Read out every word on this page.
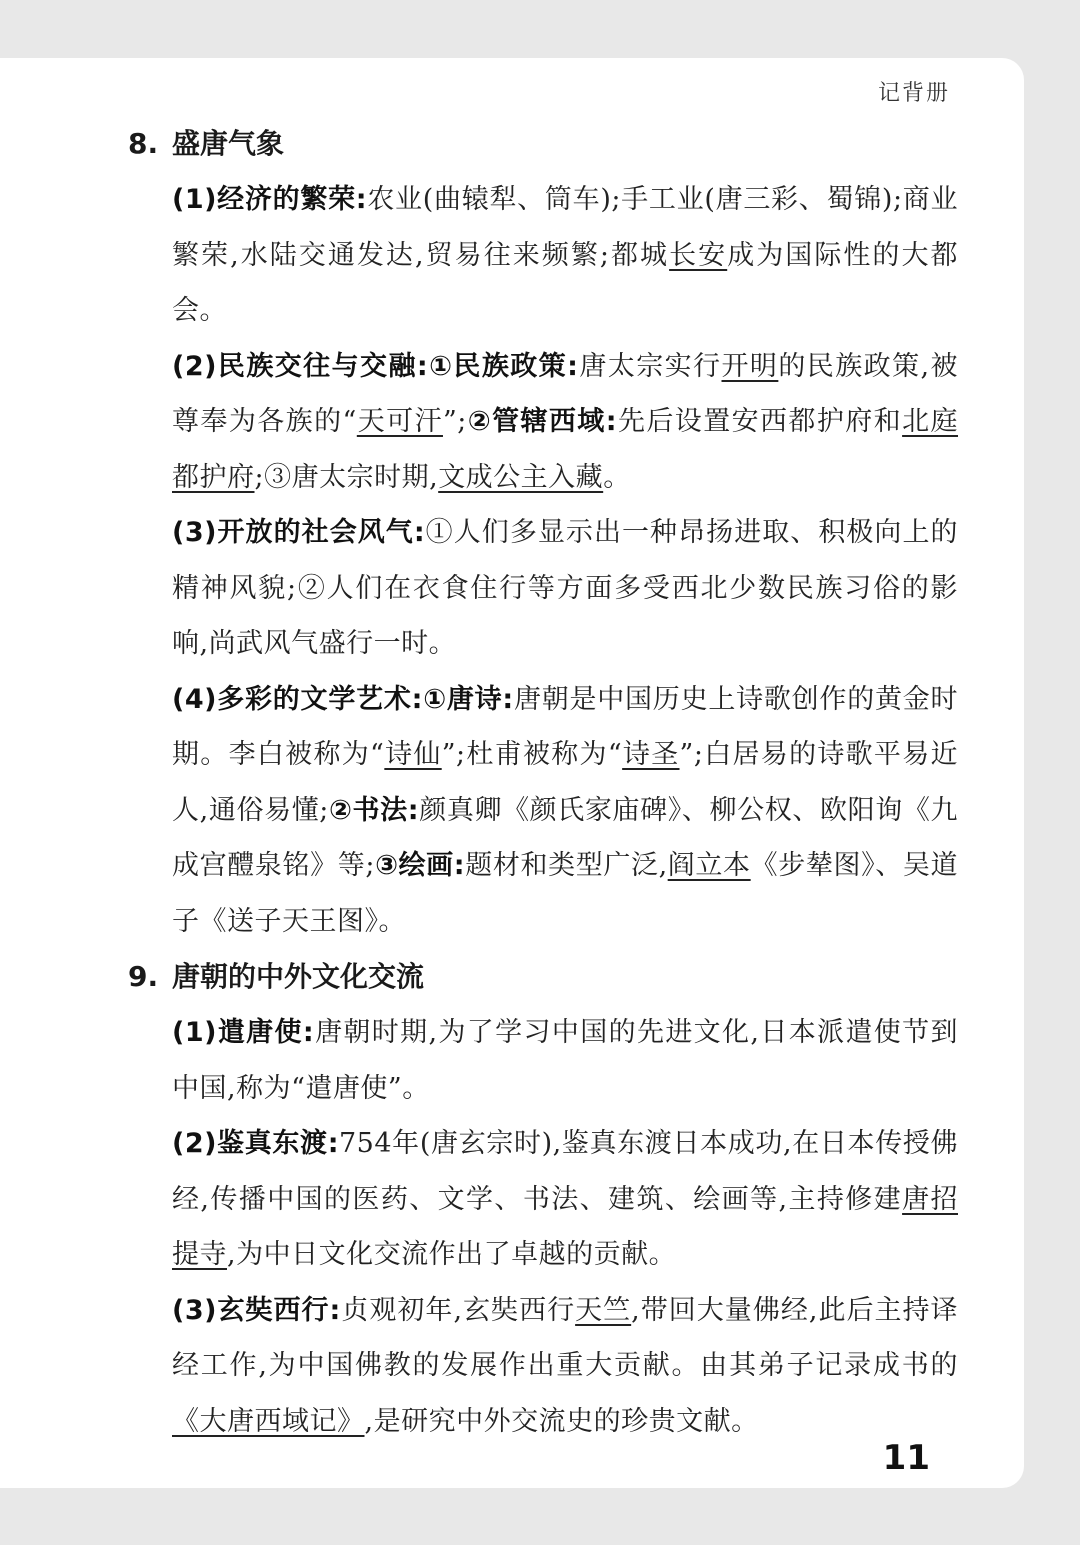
记背册
8. 盛唐气象

(1)经济的繁荣:农业(曲辕犁、筒车);手工业(唐三彩、蜀锦);商业繁荣,水陆交通发达,贸易往来频繁;都城长安成为国际性的大都会。

(2)民族交往与交融:①民族政策:唐太宗实行开明的民族政策,被尊奉为各族的“天可汗”;②管辖西域:先后设置安西都护府和北庭都护府;③唐太宗时期,文成公主入藏。

(3)开放的社会风气:①人们多显示出一种昂扬进取、积极向上的精神风貌;②人们在衣食住行等方面多受西北少数民族习俗的影响,尚武风气盛行一时。

(4)多彩的文学艺术:①唐诗:唐朝是中国历史上诗歌创作的黄金时期。李白被称为“诗仙”;杜甫被称为“诗圣”;白居易的诗歌平易近人,通俗易懂;②书法:颜真卿《颜氏家庙碑》、柳公权、欧阳询《九成宫醴泉铭》等;③绘画:题材和类型广泛,阎立本《步辇图》、吴道子《送子天王图》。

9. 唐朝的中外文化交流

(1)遣唐使:唐朝时期,为了学习中国的先进文化,日本派遣使节到中国,称为“遣唐使”。

(2)鉴真东渡:754年(唐玄宗时),鉴真东渡日本成功,在日本传授佛经,传播中国的医药、文学、书法、建筑、绘画等,主持修建唐招提寺,为中日文化交流作出了卓越的贡献。

(3)玄奘西行:贞观初年,玄奘西行天竺,带回大量佛经,此后主持译经工作,为中国佛教的发展作出重大贡献。由其弟子记录成书的《大唐西域记》,是研究中外交流史的珍贵文献。

11
